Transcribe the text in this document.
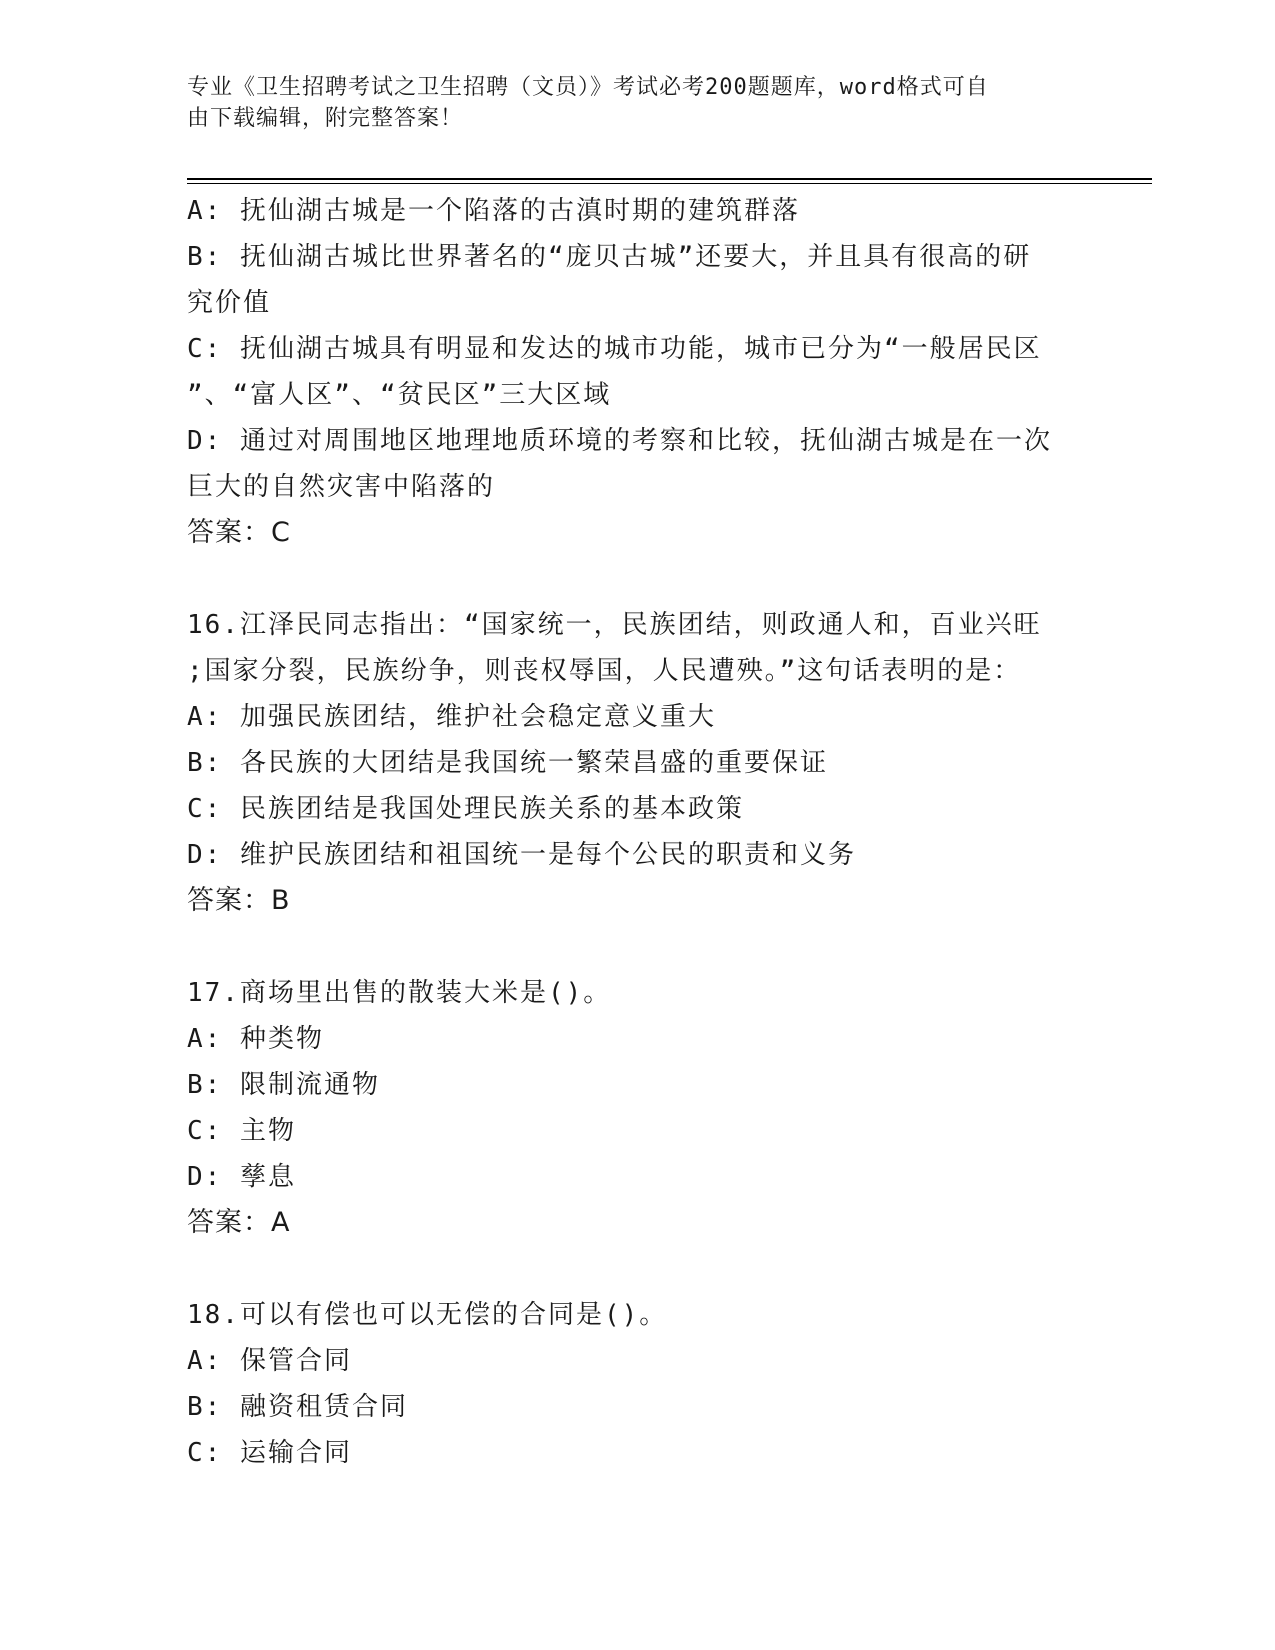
专业《卫生招聘考试之卫生招聘（文员）》考试必考200题题库，word格式可自
由下载编辑，附完整答案！
A: 抚仙湖古城是一个陷落的古滇时期的建筑群落
B: 抚仙湖古城比世界著名的“庞贝古城”还要大，并且具有很高的研
究价值
C: 抚仙湖古城具有明显和发达的城市功能，城市已分为“一般居民区
”、“富人区”、“贫民区”三大区域
D: 通过对周围地区地理地质环境的考察和比较，抚仙湖古城是在一次
巨大的自然灾害中陷落的
答案：C
16.江泽民同志指出：“国家统一，民族团结，则政通人和，百业兴旺
;国家分裂，民族纷争，则丧权辱国，人民遭殃。”这句话表明的是：
A: 加强民族团结，维护社会稳定意义重大
B: 各民族的大团结是我国统一繁荣昌盛的重要保证
C: 民族团结是我国处理民族关系的基本政策
D: 维护民族团结和祖国统一是每个公民的职责和义务
答案：B
17.商场里出售的散装大米是()。
A: 种类物
B: 限制流通物
C: 主物
D: 孳息
答案：A
18.可以有偿也可以无偿的合同是()。
A: 保管合同
B: 融资租赁合同
C: 运输合同
